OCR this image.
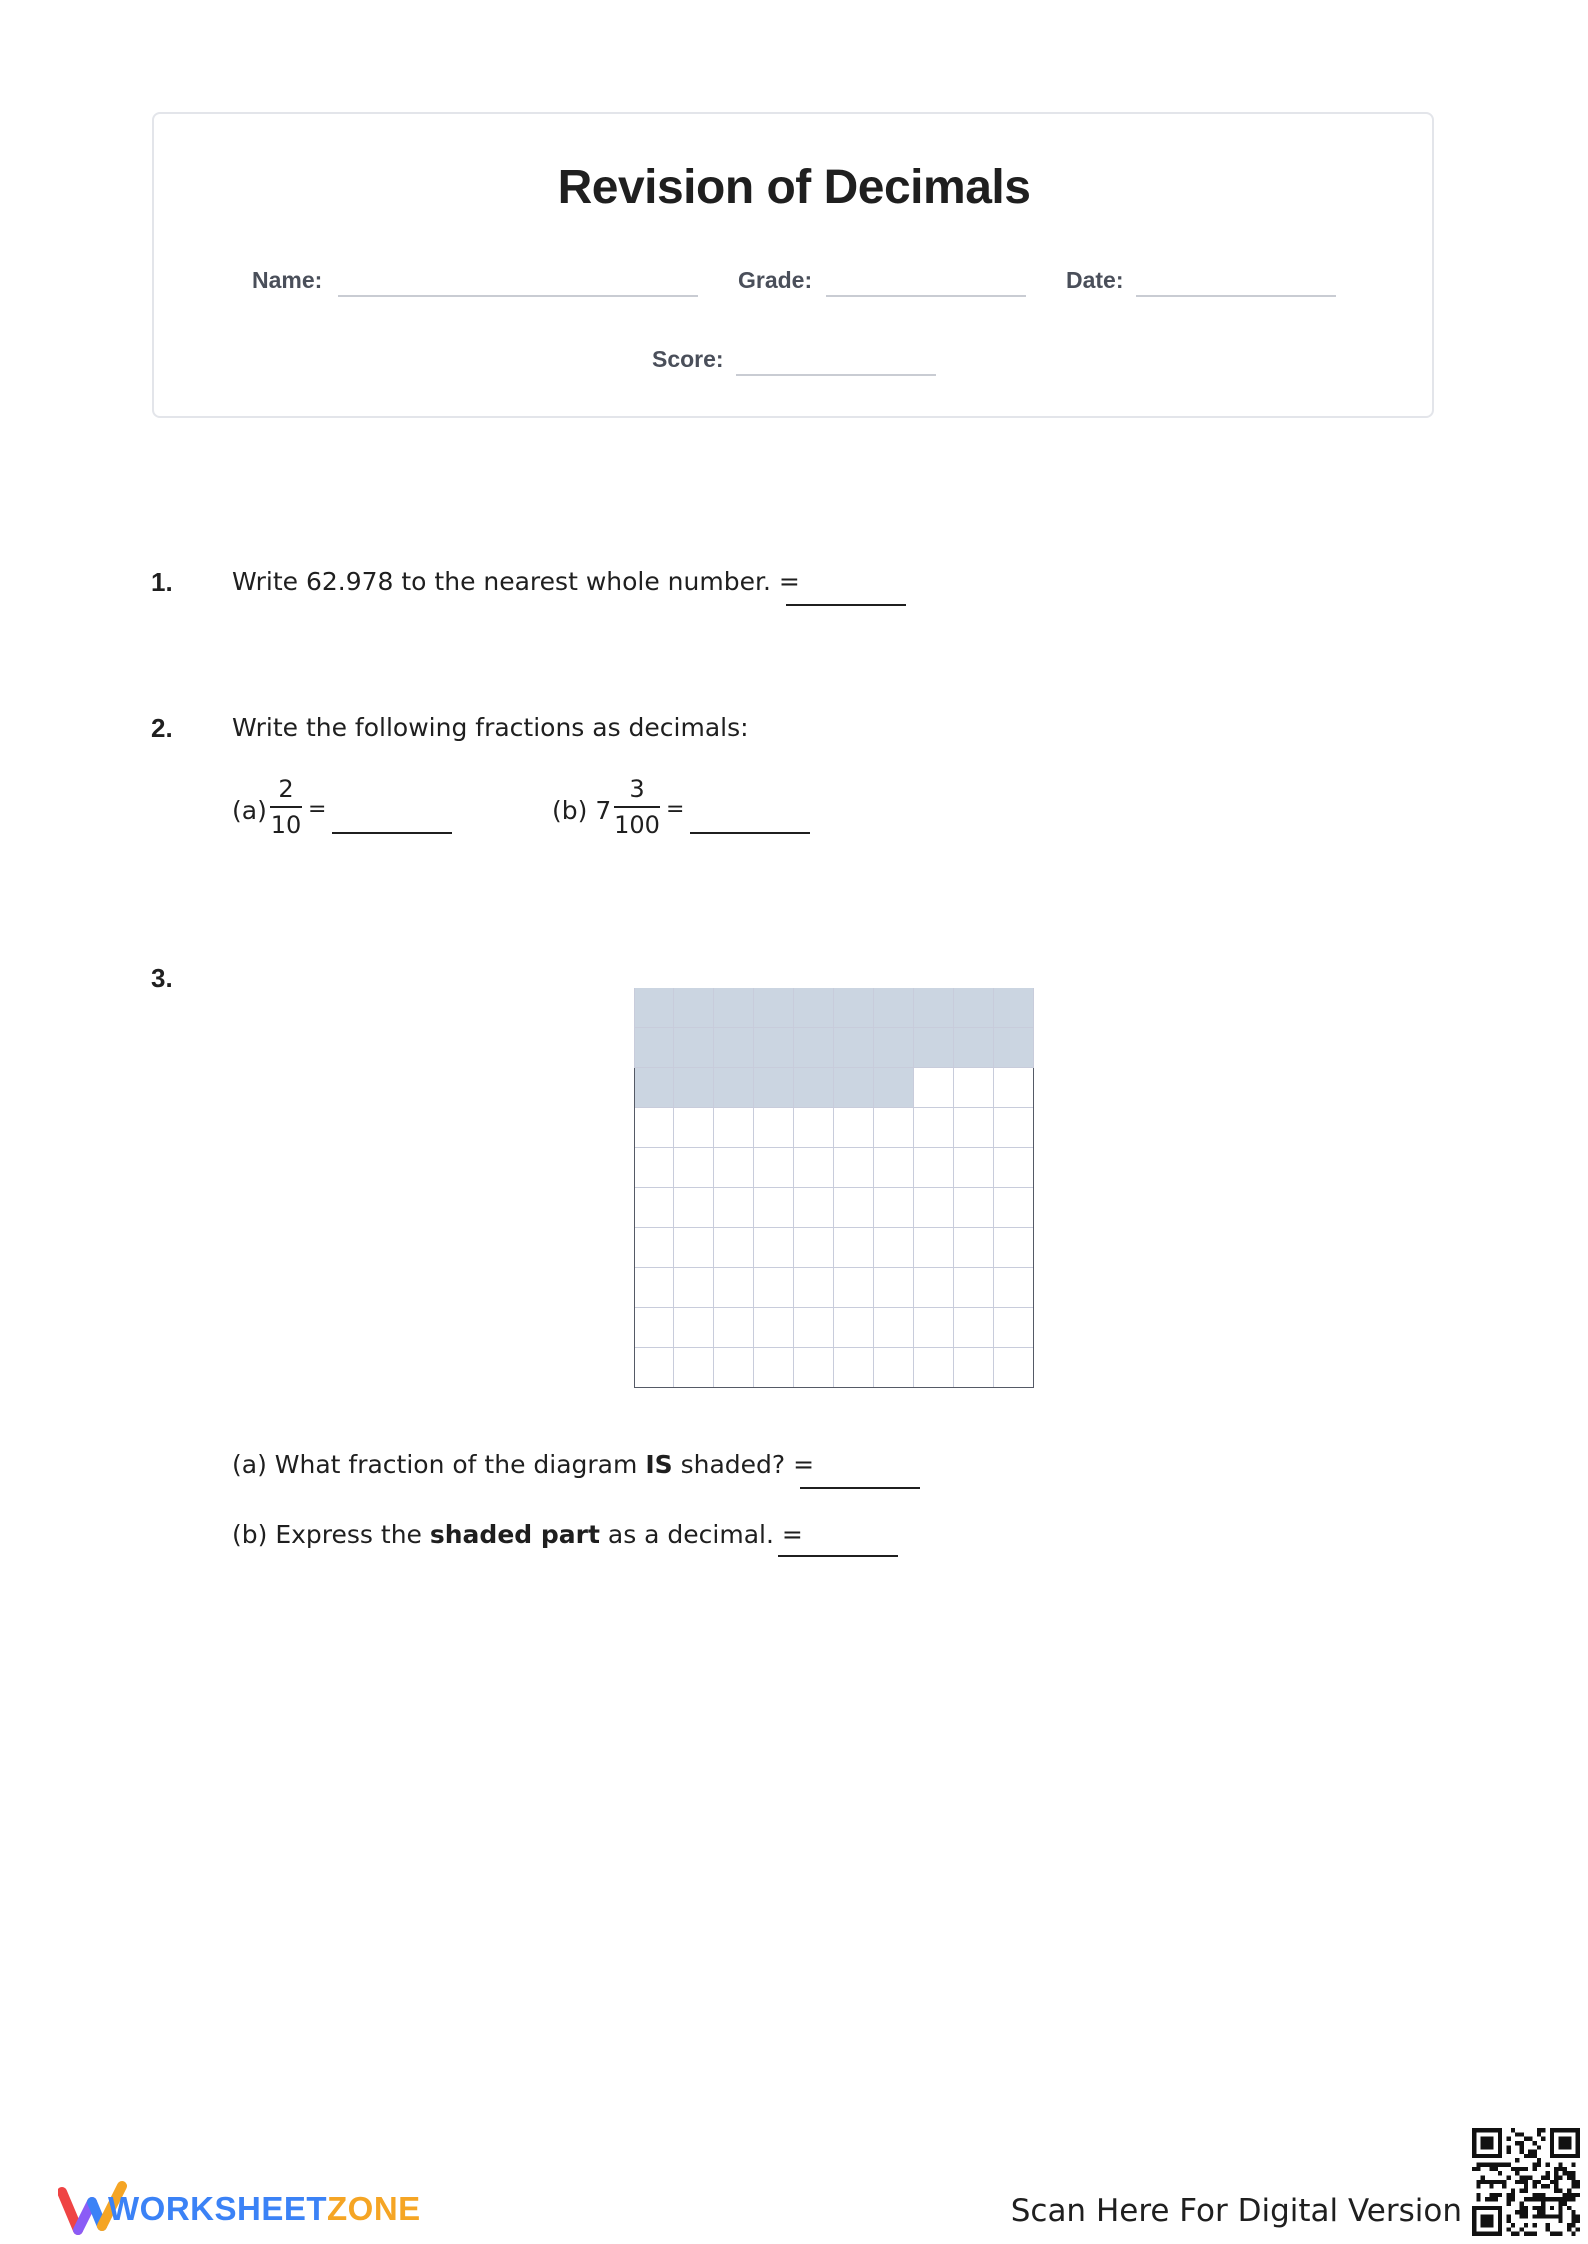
Revision of Decimals
Name:	Grade:	Date:
Score:
1. Write 62.978 to the nearest whole number. =
2. Write the following fractions as decimals:
(a)
2
10
=	(b) 7
3
100
=
3.
(a) What fraction of the diagram IS shaded? =
(b) Express the shaded part as a decimal. =
WORKSHEETZONE	Scan Here For Digital Version
